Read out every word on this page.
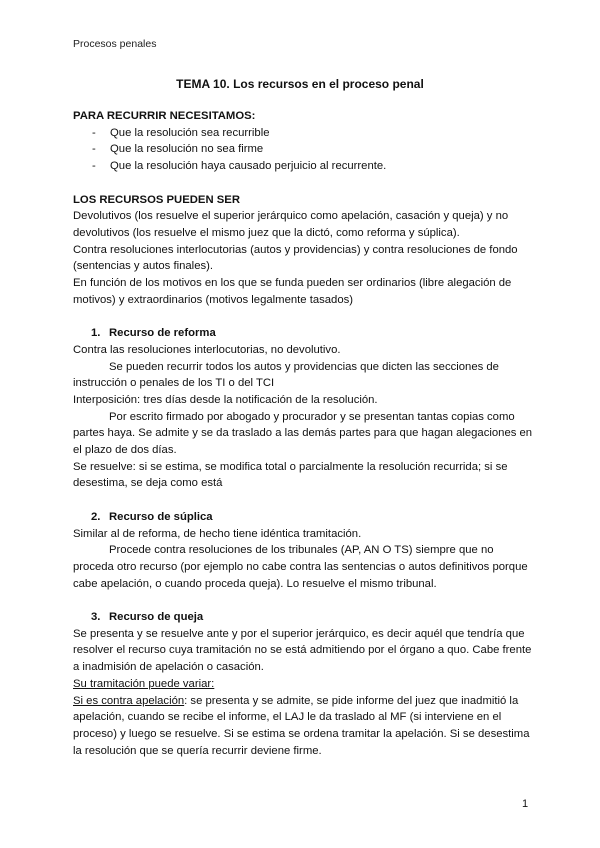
Procesos penales
TEMA 10. Los recursos en el proceso penal

PARA RECURRIR NECESITAMOS:

- Que la resolución sea recurrible
- Que la resolución no sea firme
- Que la resolución haya causado perjuicio al recurrente.

LOS RECURSOS PUEDEN SER

Devolutivos (los resuelve el superior jerárquico como apelación, casación y queja) y no devolutivos (los resuelve el mismo juez que la dictó, como reforma y súplica).

Contra resoluciones interlocutorias (autos y providencias) y contra resoluciones de fondo (sentencias y autos finales).

En función de los motivos en los que se funda pueden ser ordinarios (libre alegación de motivos) y extraordinarios (motivos legalmente tasados)

1. Recurso de reforma

Contra las resoluciones interlocutorias, no devolutivo.

Se pueden recurrir todos los autos y providencias que dicten las secciones de instrucción o penales de los TI o del TCI

Interposición: tres días desde la notificación de la resolución.

Por escrito firmado por abogado y procurador y se presentan tantas copias como partes haya. Se admite y se da traslado a las demás partes para que hagan alegaciones en el plazo de dos días.

Se resuelve: si se estima, se modifica total o parcialmente la resolución recurrida; si se desestima, se deja como está

2. Recurso de súplica

Similar al de reforma, de hecho tiene idéntica tramitación.

Procede contra resoluciones de los tribunales (AP, AN O TS) siempre que no proceda otro recurso (por ejemplo no cabe contra las sentencias o autos definitivos porque cabe apelación, o cuando proceda queja). Lo resuelve el mismo tribunal.

3. Recurso de queja

Se presenta y se resuelve ante y por el superior jerárquico, es decir aquél que tendría que resolver el recurso cuya tramitación no se está admitiendo por el órgano a quo. Cabe frente a inadmisión de apelación o casación.

Su tramitación puede variar:

Si es contra apelación: se presenta y se admite, se pide informe del juez que inadmitió la apelación, cuando se recibe el informe, el LAJ le da traslado al MF (si interviene en el proceso) y luego se resuelve. Si se estima se ordena tramitar la apelación. Si se desestima la resolución que se quería recurrir deviene firme.

1
